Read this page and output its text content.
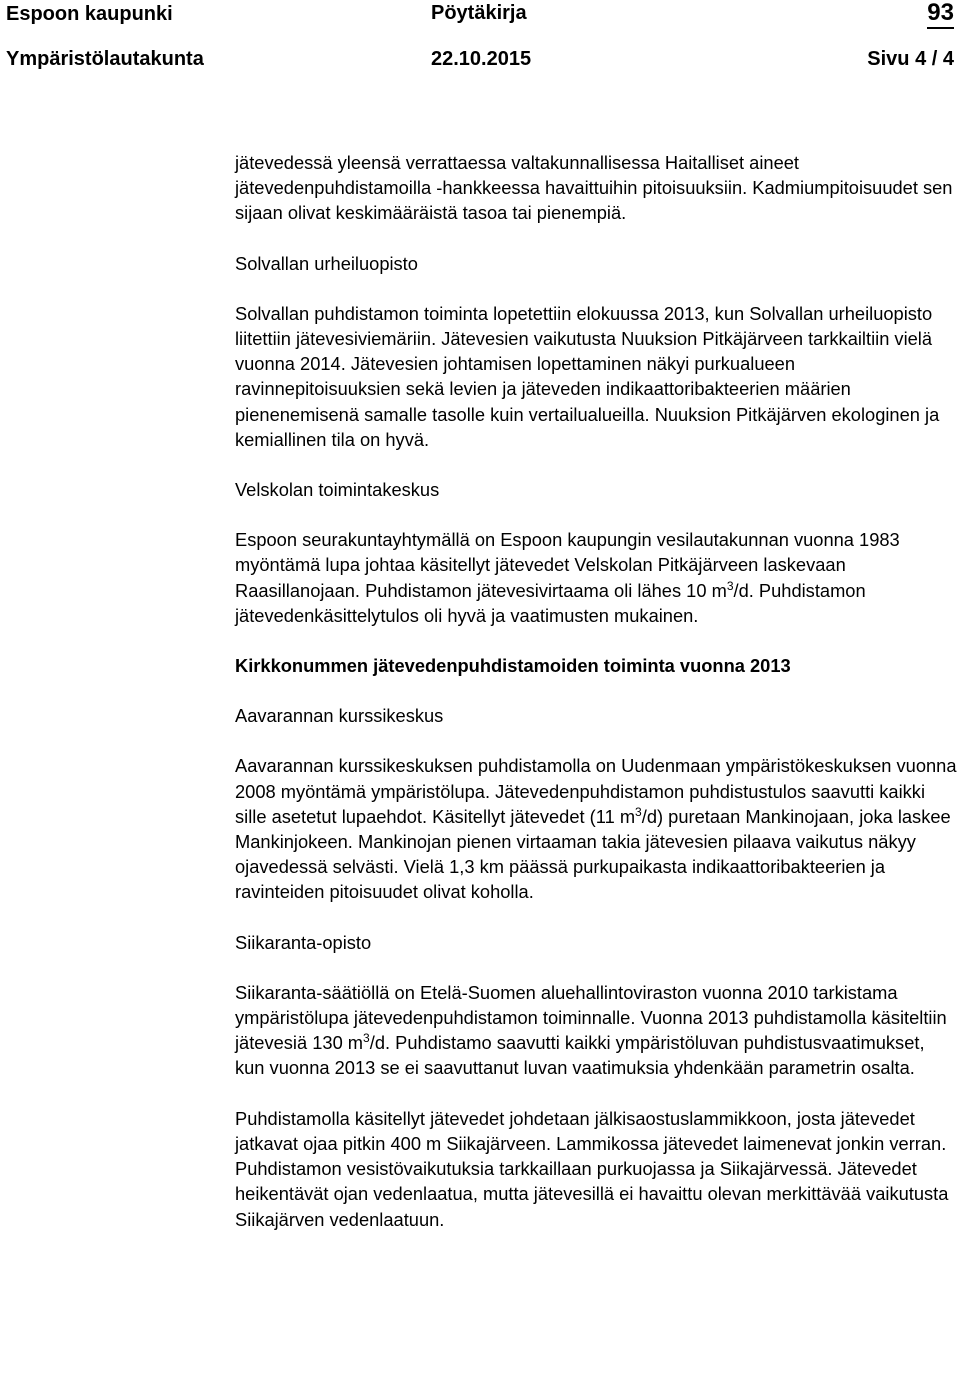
Espoon kaupunki	Pöytäkirja	93
Ympäristölautakunta	22.10.2015	Sivu 4 / 4

jätevedessä yleensä verrattaessa valtakunnallisessa Haitalliset aineet jätevedenpuhdistamoilla -hankkeessa havaittuihin pitoisuuksiin. Kadmiumpitoisuudet sen sijaan olivat keskimääräistä tasoa tai pienempiä.

Solvallan urheiluopisto

Solvallan puhdistamon toiminta lopetettiin elokuussa 2013, kun Solvallan urheiluopisto liitettiin jätevesiviemäriin. Jätevesien vaikutusta Nuuksion Pitkäjärveen tarkkailtiin vielä vuonna 2014. Jätevesien johtamisen lopettaminen näkyi purkualueen ravinnepitoisuuksien sekä levien ja jäteveden indikaattoribakteerien määrien pienenemisenä samalle tasolle kuin vertailualueilla. Nuuksion Pitkäjärven ekologinen ja kemiallinen tila on hyvä.

Velskolan toimintakeskus

Espoon seurakuntayhtymällä on Espoon kaupungin vesilautakunnan vuonna 1983 myöntämä lupa johtaa käsitellyt jätevedet Velskolan Pitkäjärveen laskevaan Raasillanojaan. Puhdistamon jätevesivirtaama oli lähes 10 $m^3/d$. Puhdistamon jätevedenkäsittelytulos oli hyvä ja vaatimusten mukainen.

Kirkkonummen jätevedenpuhdistamoiden toiminta vuonna 2013

Aavarannan kurssikeskus

Aavarannan kurssikeskuksen puhdistamolla on Uudenmaan ympäristökeskuksen vuonna 2008 myöntämä ympäristölupa. Jätevedenpuhdistamon puhdistustulos saavutti kaikki sille asetetut lupaehdot. Käsitellyt jätevedet (11 $m^3/d$) puretaan Mankinojaan, joka laskee Mankinjokeen. Mankinojan pienen virtaaman takia jätevesien pilaava vaikutus näkyy ojavedessä selvästi. Vielä 1,3 km päässä purkupaikasta indikaattoribakteerien ja ravinteiden pitoisuudet olivat koholla.

Siikaranta-opisto

Siikaranta-säätiöllä on Etelä-Suomen aluehallintoviraston vuonna 2010 tarkistama ympäristölupa jätevedenpuhdistamon toiminnalle. Vuonna 2013 puhdistamolla käsiteltiin jätevesiä 130 $m^3/d$. Puhdistamo saavutti kaikki ympäristöluvan puhdistusvaatimukset, kun vuonna 2013 se ei saavuttanut luvan vaatimuksia yhdenkään parametrin osalta.

Puhdistamolla käsitellyt jätevedet johdetaan jälkisaostuslammikkoon, josta jätevedet jatkavat ojaa pitkin 400 m Siikajärveen. Lammikossa jätevedet laimenevat jonkin verran. Puhdistamon vesistövaikutuksia tarkkaillaan purkuojassa ja Siikajärvessä. Jätevedet heikentävät ojan vedenlaatua, mutta jätevesillä ei havaittu olevan merkittävää vaikutusta Siikajärven vedenlaatuun.
